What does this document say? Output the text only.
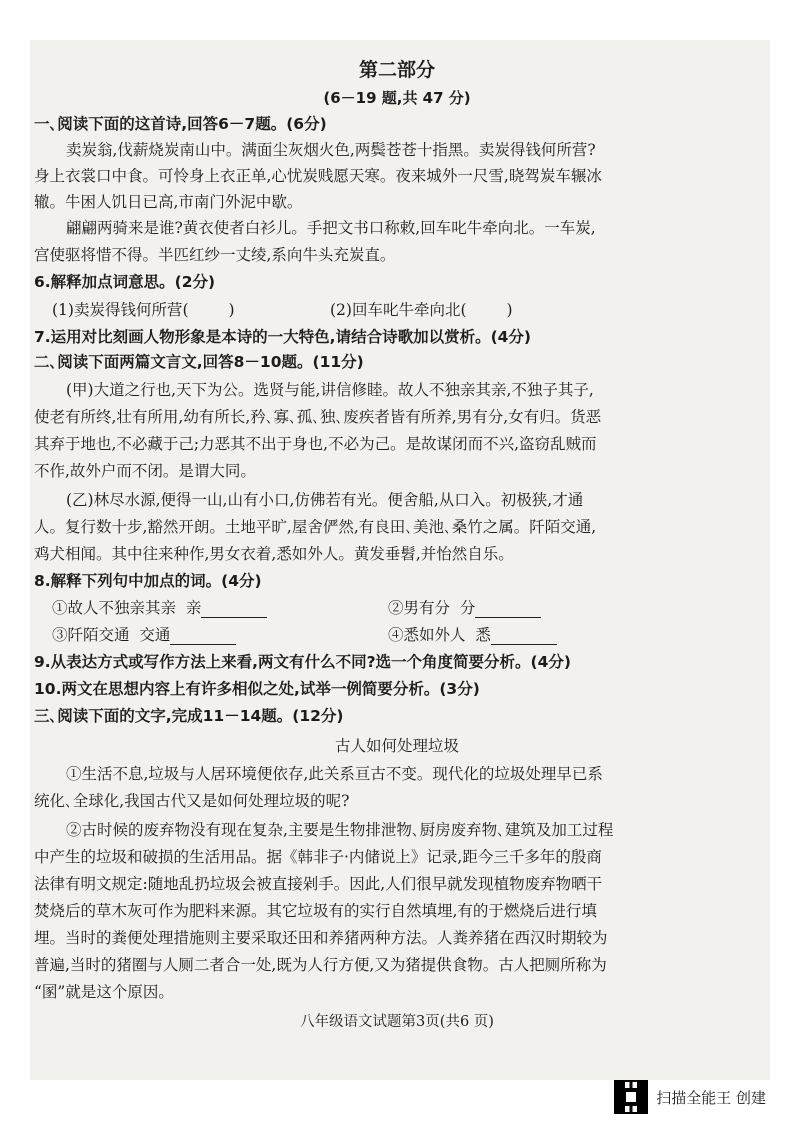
第二部分
(6－19 题,共 47 分)
一､阅读下面的这首诗,回答6－7题。(6分)
卖炭翁,伐薪烧炭南山中。满面尘灰烟火色,两鬓苍苍十指黑。卖炭得钱何所营?
身上衣裳口中食。可怜身上衣正单,心忧炭贱愿天寒。夜来城外一尺雪,晓驾炭车辗冰
辙。牛困人饥日已高,市南门外泥中歇。
翩翩两骑来是谁?黄衣使者白衫儿。手把文书口称敕,回车叱牛牵向北。一车炭,
宫使驱将惜不得。半匹红纱一丈绫,系向牛头充炭直。
6.解释加点词意思。(2分)
(1)卖炭得钱何所营(	)	(2)回车叱牛牵向北(	)
7.运用对比刻画人物形象是本诗的一大特色,请结合诗歌加以赏析。(4分)
二､阅读下面两篇文言文,回答8－10题。(11分)
(甲)大道之行也,天下为公。选贤与能,讲信修睦。故人不独亲其亲,不独子其子,
使老有所终,壮有所用,幼有所长,矜､寡､孤､独､废疾者皆有所养,男有分,女有归。货恶
其弃于地也,不必藏于己;力恶其不出于身也,不必为己。是故谋闭而不兴,盗窃乱贼而
不作,故外户而不闭。是谓大同。
(乙)林尽水源,便得一山,山有小口,仿佛若有光。便舍船,从口入。初极狭,才通
人。复行数十步,豁然开朗。土地平旷,屋舍俨然,有良田､美池､桑竹之属。阡陌交通,
鸡犬相闻。其中往来种作,男女衣着,悉如外人。黄发垂髫,并怡然自乐。
8.解释下列句中加点的词。(4分)
①故人不独亲其亲 亲	②男有分 分
③阡陌交通 交通	④悉如外人 悉
9.从表达方式或写作方法上来看,两文有什么不同?选一个角度简要分析。(4分)
10.两文在思想内容上有许多相似之处,试举一例简要分析。(3分)
三､阅读下面的文字,完成11－14题。(12分)
古人如何处理垃圾
①生活不息,垃圾与人居环境便依存,此关系亘古不变。现代化的垃圾处理早已系
统化､全球化,我国古代又是如何处理垃圾的呢?
②古时候的废弃物没有现在复杂,主要是生物排泄物､厨房废弃物､建筑及加工过程
中产生的垃圾和破损的生活用品。据《韩非子·内储说上》记录,距今三千多年的殷商
法律有明文规定:随地乱扔垃圾会被直接剁手。因此,人们很早就发现植物废弃物晒干
焚烧后的草木灰可作为肥料来源。其它垃圾有的实行自然填埋,有的于燃烧后进行填
埋。当时的粪便处理措施则主要采取还田和养猪两种方法。人粪养猪在西汉时期较为
普遍,当时的猪圈与人厕二者合一处,既为人行方便,又为猪提供食物。古人把厕所称为
“圂”就是这个原因。
八年级语文试题第3页(共6 页)
扫描全能王 创建
